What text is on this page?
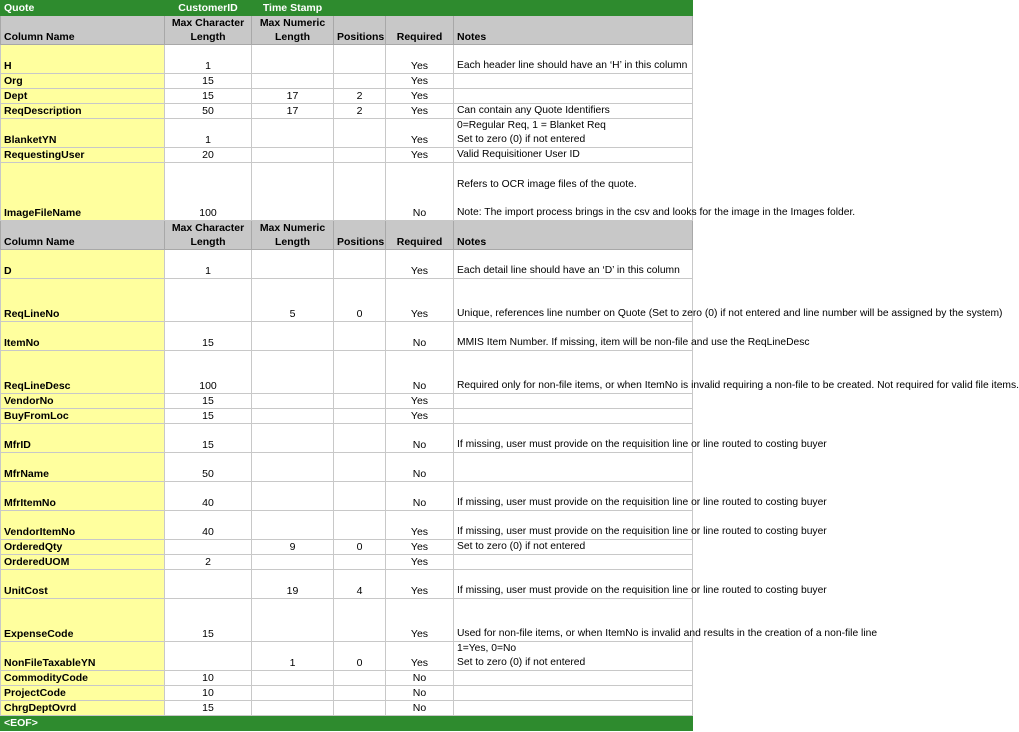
Quote	CustomerID	Time Stamp			
Column Name	Max Character Length	Max Numeric Length	Positions	Required	Notes
H	1			Yes	Each header line should have an ‘H’ in this column
Org	15			Yes	
Dept	15	17	2	Yes	
ReqDescription	50	17	2	Yes	Can contain any Quote Identifiers
BlanketYN	1			Yes	0=Regular Req, 1 = Blanket Req
Set to zero (0) if not entered
RequestingUser	20			Yes	Valid Requisitioner User ID
ImageFileName	100			No	Refers to OCR image files of the quote.

Note: The import process brings in the csv and looks for the image in the Images folder.
Column Name	Max Character Length	Max Numeric Length	Positions	Required	Notes
D	1			Yes	Each detail line should have an ‘D’ in this column
ReqLineNo		5	0	Yes	Unique, references line number on Quote (Set to zero (0) if not entered and line number will be assigned by the system)
ItemNo	15			No	MMIS Item Number. If missing, item will be non-file and use the ReqLineDesc
ReqLineDesc	100			No	Required only for non-file items, or when ItemNo is invalid requiring a non-file to be created. Not required for valid file items.
VendorNo	15			Yes	
BuyFromLoc	15			Yes	
MfrID	15			No	If missing, user must provide on the requisition line or line routed to costing buyer
MfrName	50			No	
MfrItemNo	40			No	If missing, user must provide on the requisition line or line routed to costing buyer
VendorItemNo	40			Yes	If missing, user must provide on the requisition line or line routed to costing buyer
OrderedQty		9	0	Yes	Set to zero (0) if not entered
OrderedUOM	2			Yes	
UnitCost		19	4	Yes	If missing, user must provide on the requisition line or line routed to costing buyer
ExpenseCode	15			Yes	Used for non-file items, or when ItemNo is invalid and results in the creation of a non-file line
NonFileTaxableYN		1	0	Yes	1=Yes, 0=No
Set to zero (0) if not entered
CommodityCode	10			No	
ProjectCode	10			No	
ChrgDeptOvrd	15			No	
<EOF>					
